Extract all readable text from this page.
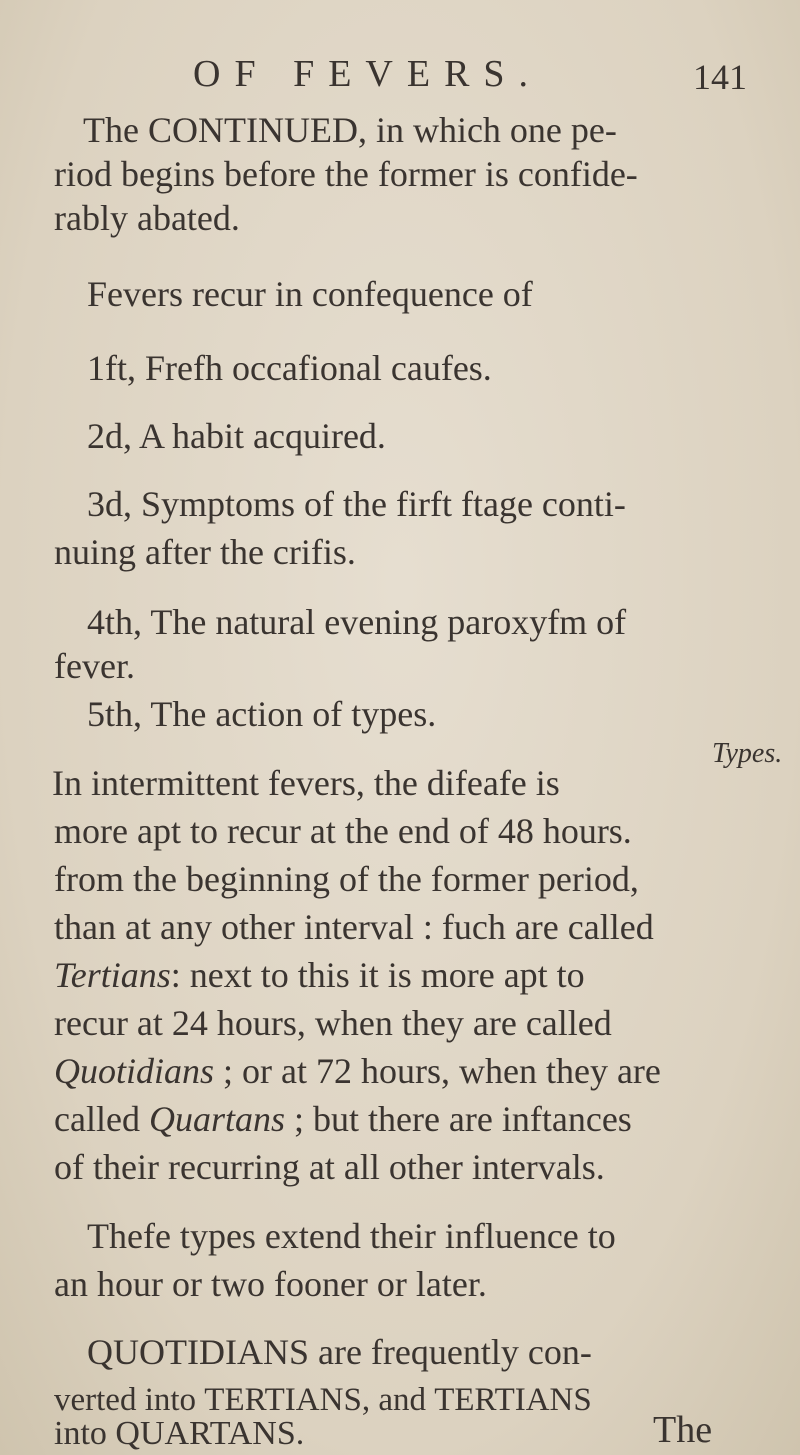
OF FEVERS.	141
The CONTINUED, in which one pe-
riod begins before the former is confide-
rably abated.
Fevers recur in confequence of
1ft, Frefh occafional caufes.
2d, A habit acquired.
3d, Symptoms of the firft ftage conti-
nuing after the crifis.
4th, The natural evening paroxyfm of
fever.
5th, The action of types.
In intermittent fevers, the difeafe is
Types.
more apt to recur at the end of 48 hours.
from the beginning of the former period,
than at any other interval : fuch are called
Tertians: next to this it is more apt to
recur at 24 hours, when they are called
Quotidians ; or at 72 hours, when they are
called Quartans ; but there are inftances
of their recurring at all other intervals.
Thefe types extend their influence to
an hour or two fooner or later.
QUOTIDIANS are frequently con-
verted into TERTIANS, and TERTIANS
into QUARTANS.	The
